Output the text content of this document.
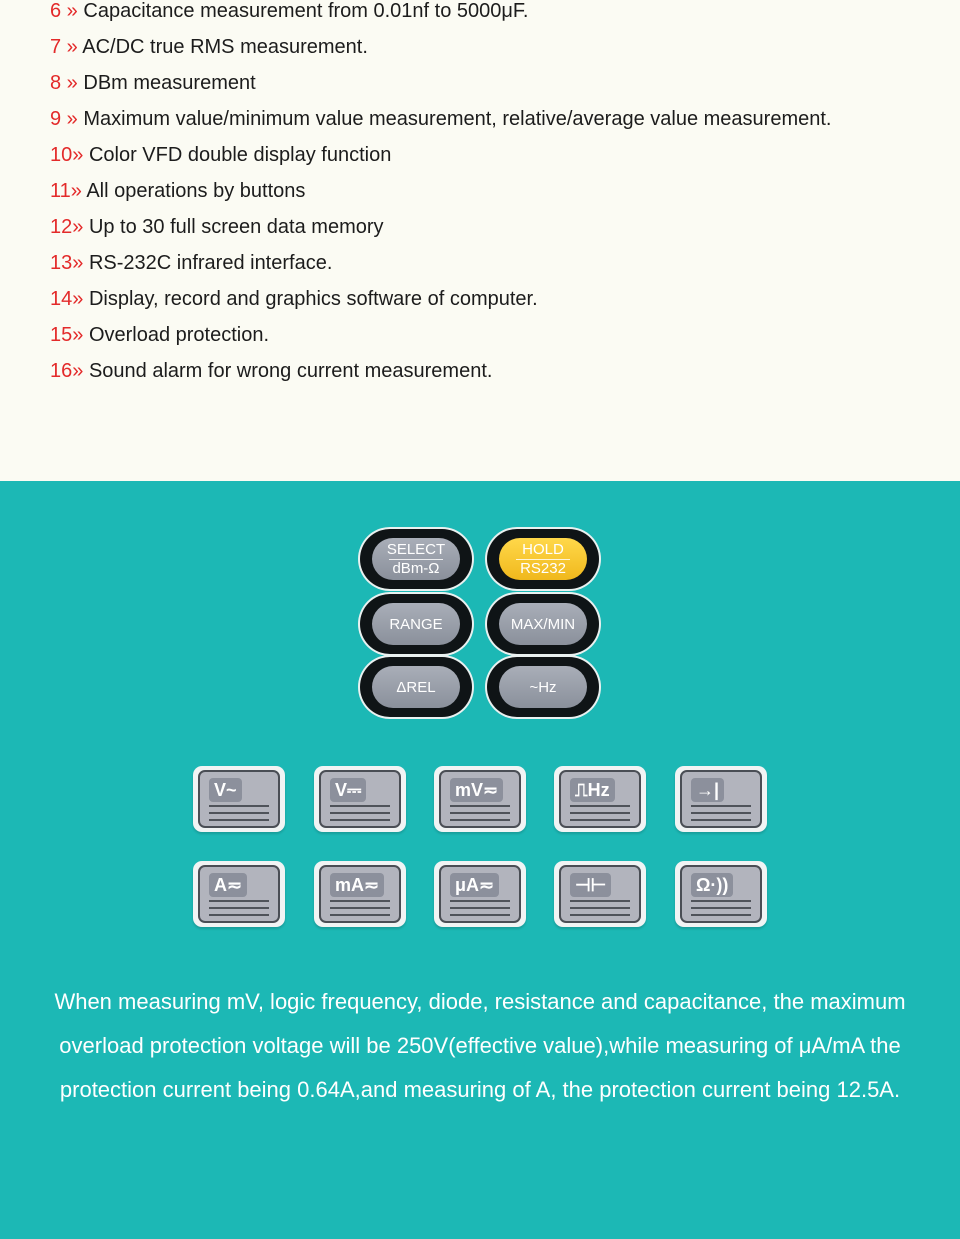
6 » Capacitance measurement from 0.01nf to 5000μF.
7 » AC/DC true RMS measurement.
8 » DBm measurement
9 » Maximum value/minimum value measurement, relative/average value measurement.
10» Color VFD double display function
11» All operations by buttons
12» Up to 30 full screen data memory
13» RS-232C infrared interface.
14» Display, record and graphics software of computer.
15» Overload protection.
16» Sound alarm for wrong current measurement.
SELECT
dBm-Ω
HOLD
RS232
RANGE	MAX/MIN
ΔREL	~Hz
V~	V⎓	mV≂	⎍Hz	→|
A≂	mA≂	μA≂	⊣⊢	Ω·))
When measuring mV, logic frequency, diode, resistance and capacitance, the maximum overload protection voltage will be 250V(effective value),while measuring of μA/mA the protection current being 0.64A,and measuring of A, the protection current being 12.5A.
